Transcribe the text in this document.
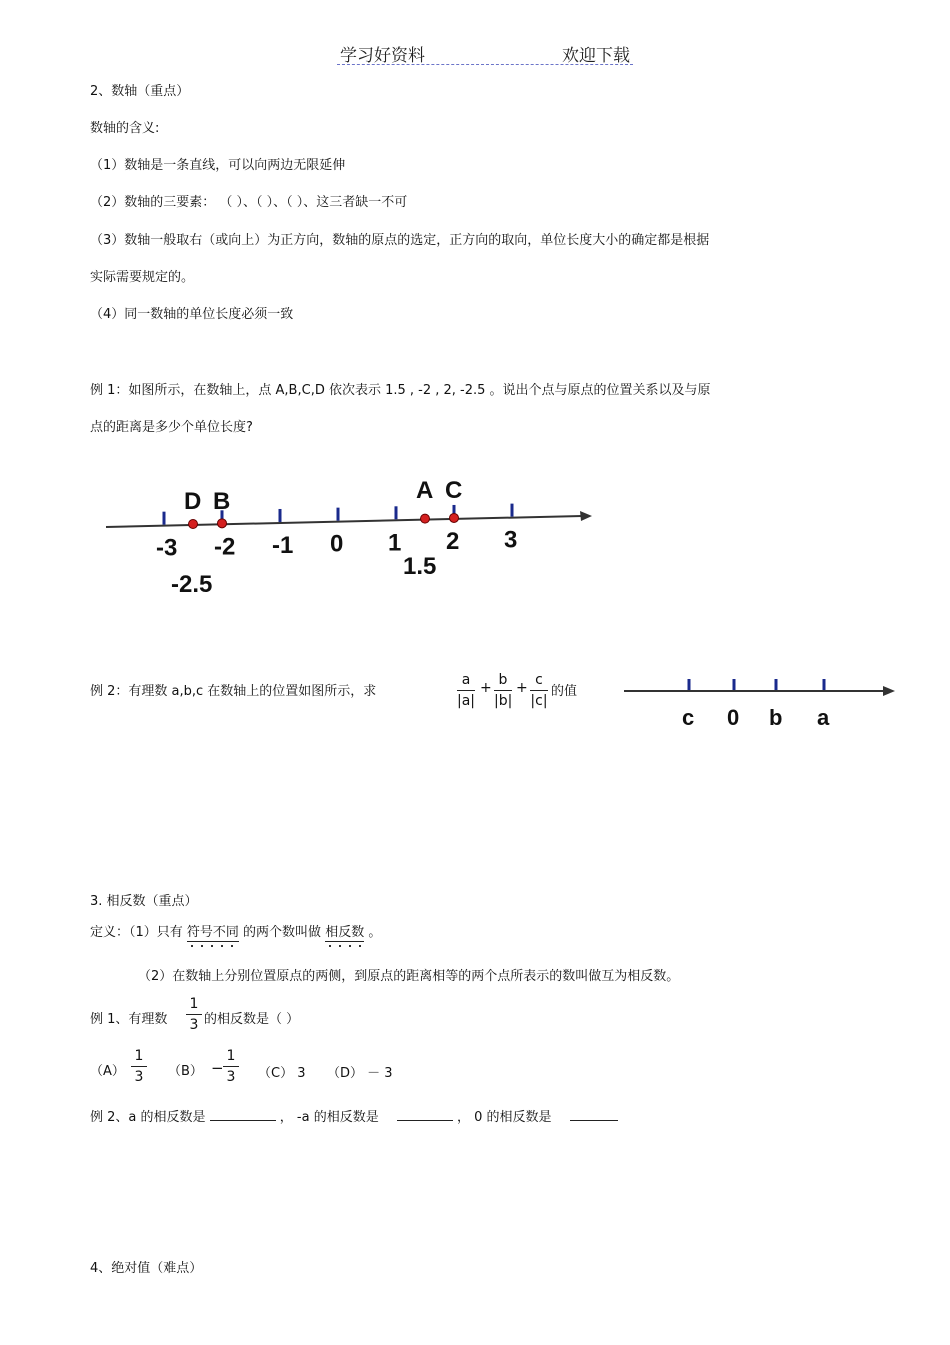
学习好资料	欢迎下载
2、数轴（重点）
数轴的含义:
（1）数轴是一条直线，可以向两边无限延伸
（2）数轴的三要素： （ ）、（ ）、（ ）、这三者缺一不可
（3）数轴一般取右（或向上）为正方向，数轴的原点的选定，正方向的取向，单位长度大小的确定都是根据
实际需要规定的。
（4）同一数轴的单位长度必须一致
例 1：如图所示，在数轴上，点 A,B,C,D 依次表示 1.5 , -2 , 2, -2.5 。说出个点与原点的位置关系以及与原
点的距离是多少个单位长度?
-3 -2 -1 0 1 2 3
D
-2.5
B	A
1.5
C
例 2：有理数 a,b,c 在数轴上的位置如图所示，求
a
|a|
+ b
|b|
+ c
|c|
的值
c 0 b a
3. 相反数（重点）
定义：（1）只有 符号不同 的两个数叫做 相反数 。
（2）在数轴上分别位置原点的两侧，到原点的距离相等的两个点所表示的数叫做互为相反数。
例 1、有理数
1
3 的相反数是（ ）
（A）
1
3 （B） −
1
3 （C） 3 （D） － 3
例 2、a 的相反数是	， -a 的相反数是	， 0 的相反数是
4、绝对值（难点）
